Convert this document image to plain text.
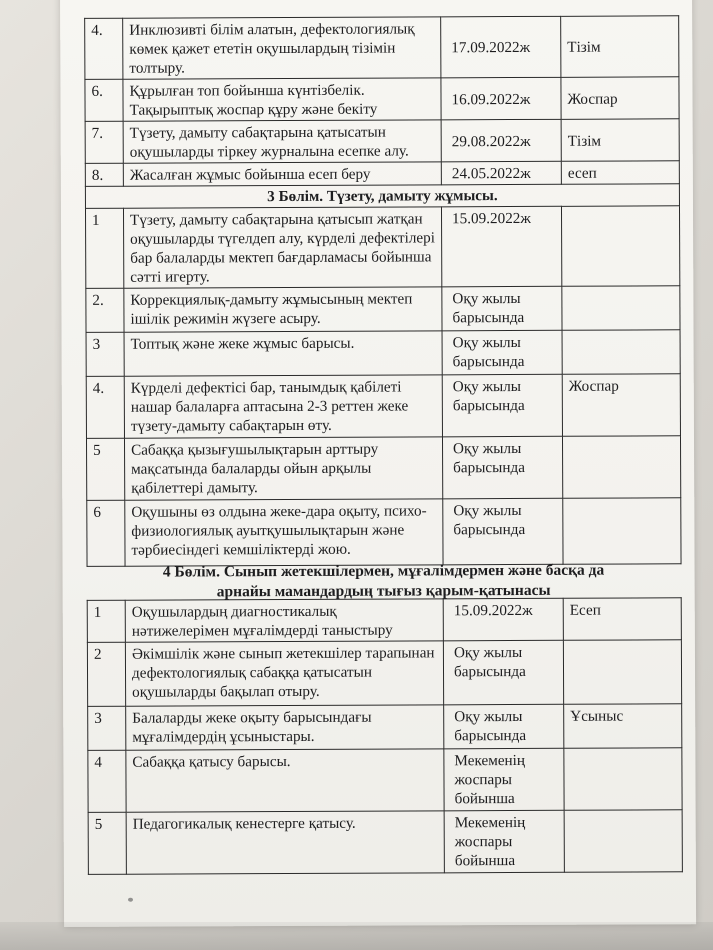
4.	Инклюзивті білім алатын, дефектологиялық көмек қажет ететін оқушылардың тізімін толтыру.	17.09.2022ж	Тізім
6.	Құрылған топ бойынша күнтізбелік. Тақырыптық жоспар құру және бекіту	16.09.2022ж	Жоспар
7.	Түзету, дамыту сабақтарына қатысатын оқушыларды тіркеу журналына есепке алу.	29.08.2022ж	Тізім
8.	Жасалған жұмыс бойынша есеп беру	24.05.2022ж	есеп
3 Бөлім. Түзету, дамыту жұмысы.			
1	Түзету, дамыту сабақтарына қатысып жатқан оқушыларды түгелдеп алу, күрделі дефектілері бар балаларды мектеп бағдарламасы бойынша сәтті игерту.	15.09.2022ж	
2.	Коррекциялық-дамыту жұмысының мектеп ішілік режимін жүзеге асыру.	Оқу жылы барысында	
3	Топтық және жеке жұмыс барысы.	Оқу жылы барысында	
4.	Күрделі дефектісі бар, танымдық қабілеті нашар балаларға аптасына 2-3 реттен жеке түзету-дамыту сабақтарын өту.	Оқу жылы барысында	Жоспар
5	Сабаққа қызығушылықтарын арттыру мақсатында балаларды ойын арқылы қабілеттері дамыту.	Оқу жылы барысында	
6	Оқушыны өз олдына жеке-дара оқыту, психо-физиологиялық ауытқушылықтарын және тәрбиесіндегі кемшіліктерді жою.	Оқу жылы барысында	
4 Бөлім. Сынып жетекшілермен, мұғалімдермен және басқа да
арнайы мамандардың тығыз қарым-қатынасы
1	Оқушылардың диагностикалық нәтижелерімен мұғалімдерді таныстыру	15.09.2022ж	Есеп
2	Әкімшілік және сынып жетекшілер тарапынан дефектологиялық сабаққа қатысатын оқушыларды бақылап отыру.	Оқу жылы барысында	
3	Балаларды жеке оқыту барысындағы мұғалімдердің ұсыныстары.	Оқу жылы барысында	Ұсыныс
4	Сабаққа қатысу барысы.	Мекеменің жоспары бойынша	
5	Педагогикалық кенестерге қатысу.	Мекеменің жоспары бойынша	
